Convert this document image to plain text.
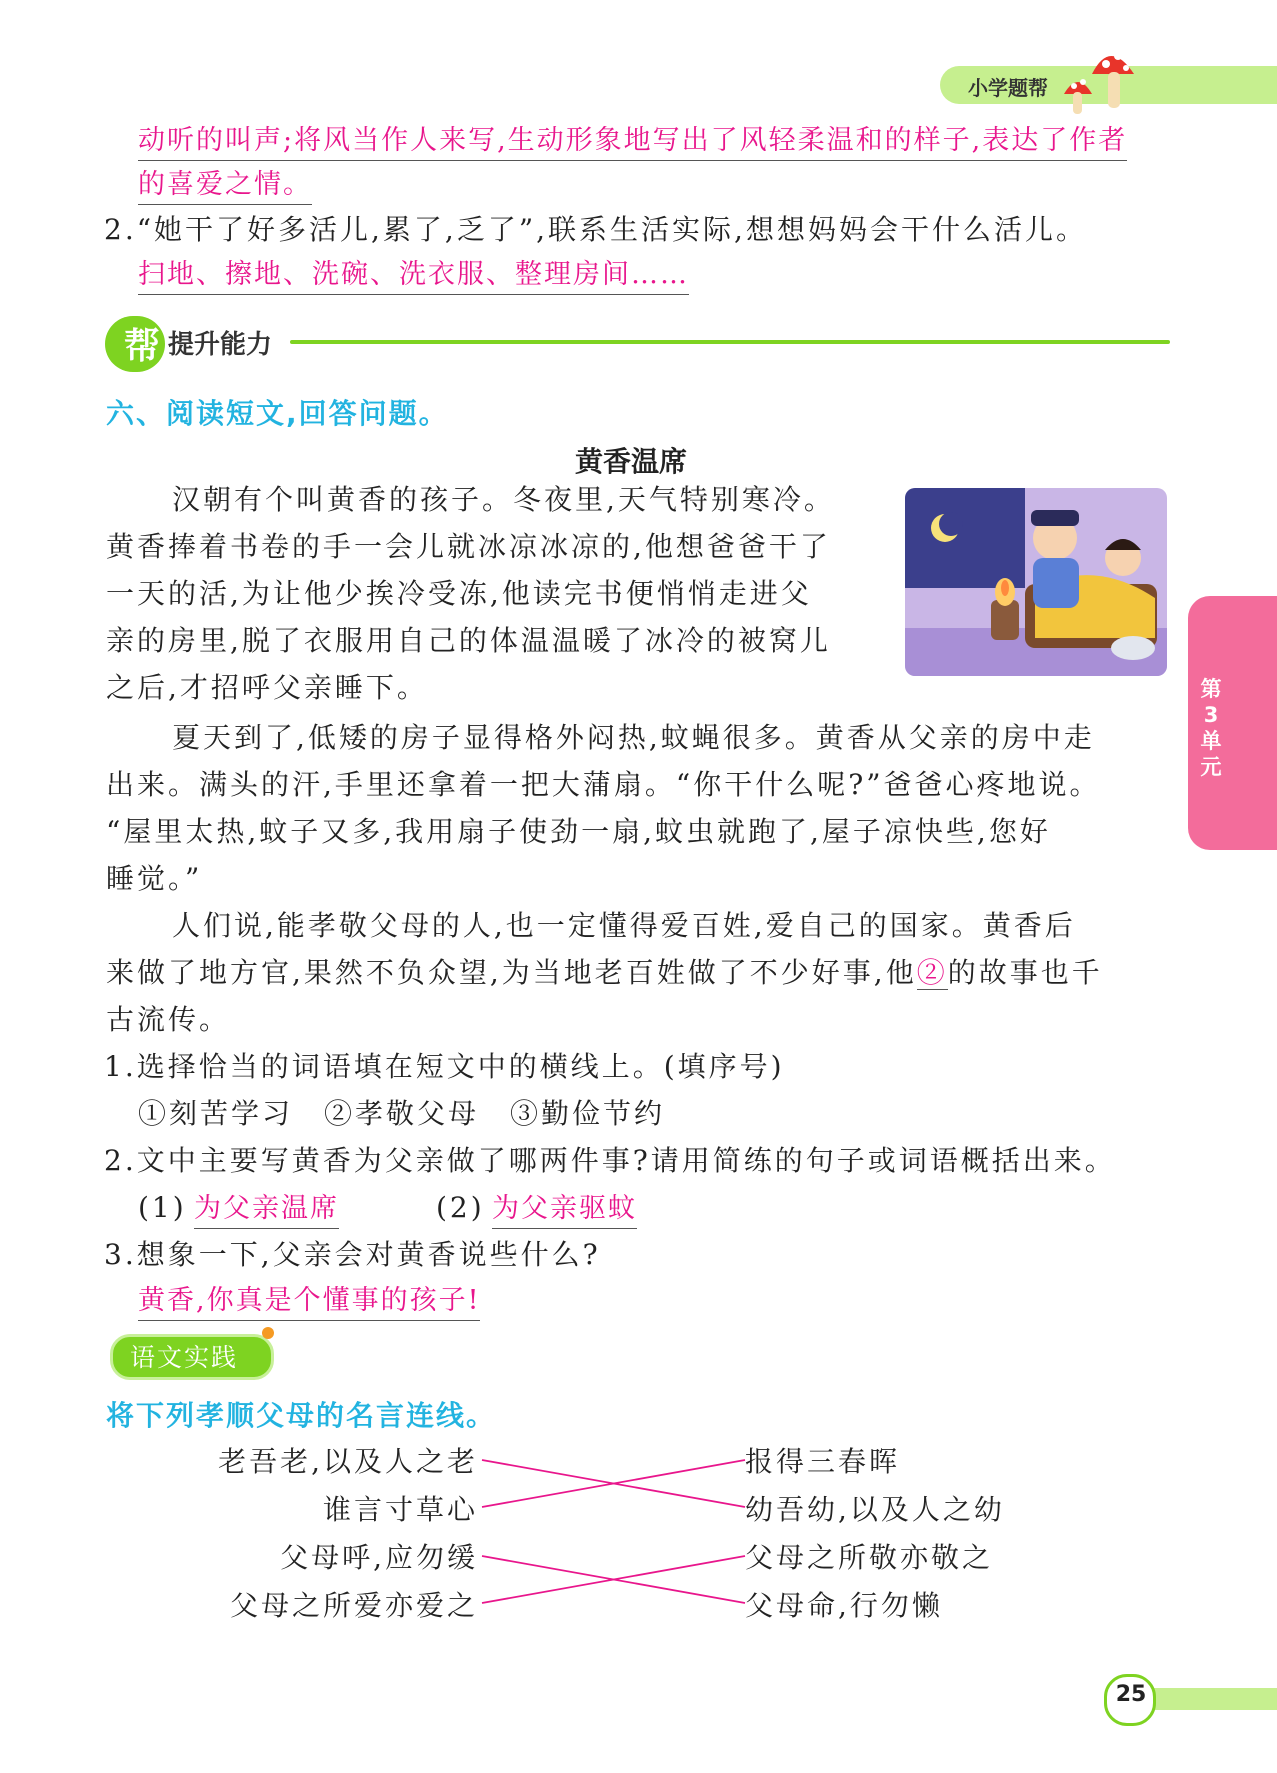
小学题帮
动听的叫声;将风当作人来写,生动形象地写出了风轻柔温和的样子,表达了作者
的喜爱之情。
2.“她干了好多活儿,累了,乏了”,联系生活实际,想想妈妈会干什么活儿。
扫地、擦地、洗碗、洗衣服、整理房间……
帮 提升能力
六、阅读短文,回答问题。
黄香温席
汉朝有个叫黄香的孩子。冬夜里,天气特别寒冷。
黄香捧着书卷的手一会儿就冰凉冰凉的,他想爸爸干了
一天的活,为让他少挨冷受冻,他读完书便悄悄走进父
亲的房里,脱了衣服用自己的体温温暖了冰冷的被窝儿
之后,才招呼父亲睡下。
夏天到了,低矮的房子显得格外闷热,蚊蝇很多。黄香从父亲的房中走
出来。满头的汗,手里还拿着一把大蒲扇。“你干什么呢?”爸爸心疼地说。
“屋里太热,蚊子又多,我用扇子使劲一扇,蚊虫就跑了,屋子凉快些,您好
睡觉。”
人们说,能孝敬父母的人,也一定懂得爱百姓,爱自己的国家。黄香后
来做了地方官,果然不负众望,为当地老百姓做了不少好事,他②的故事也千
古流传。
1.选择恰当的词语填在短文中的横线上。(填序号)
①刻苦学习　②孝敬父母　③勤俭节约
2.文中主要写黄香为父亲做了哪两件事?请用简练的句子或词语概括出来。
(1) 为父亲温席	(2) 为父亲驱蚊
3.想象一下,父亲会对黄香说些什么?
黄香,你真是个懂事的孩子!
语文实践
将下列孝顺父母的名言连线。
老吾老,以及人之老
谁言寸草心
父母呼,应勿缓
父母之所爱亦爱之
报得三春晖
幼吾幼,以及人之幼
父母之所敬亦敬之
父母命,行勿懒
第3单元
25
